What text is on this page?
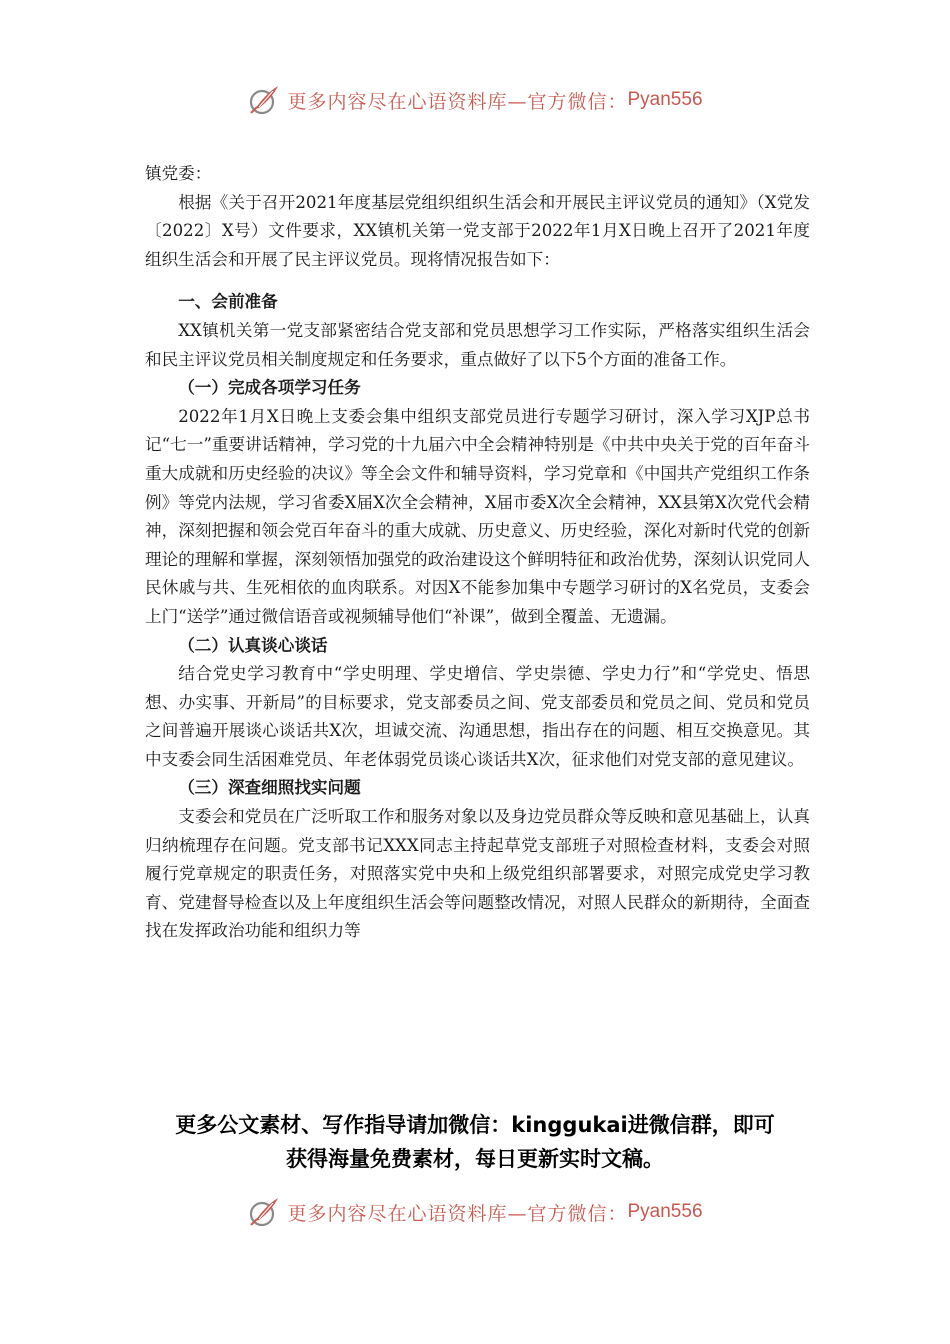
更多内容尽在心语资料库—官方微信： Pyan556

镇党委：

根据《关于召开2021年度基层党组织组织生活会和开展民主评议党员的通知》（X党发〔2022〕X号）文件要求，XX镇机关第一党支部于2022年1月X日晚上召开了2021年度组织生活会和开展了民主评议党员。现将情况报告如下：

一、会前准备

XX镇机关第一党支部紧密结合党支部和党员思想学习工作实际，严格落实组织生活会和民主评议党员相关制度规定和任务要求，重点做好了以下5个方面的准备工作。

（一）完成各项学习任务

2022年1月X日晚上支委会集中组织支部党员进行专题学习研讨，深入学习XJP总书记“七一”重要讲话精神，学习党的十九届六中全会精神特别是《中共中央关于党的百年奋斗重大成就和历史经验的决议》等全会文件和辅导资料，学习党章和《中国共产党组织工作条例》等党内法规，学习省委X届X次全会精神，X届市委X次全会精神，XX县第X次党代会精神，深刻把握和领会党百年奋斗的重大成就、历史意义、历史经验，深化对新时代党的创新理论的理解和掌握，深刻领悟加强党的政治建设这个鲜明特征和政治优势，深刻认识党同人民休戚与共、生死相依的血肉联系。对因X不能参加集中专题学习研讨的X名党员，支委会上门“送学”通过微信语音或视频辅导他们“补课”，做到全覆盖、无遗漏。

（二）认真谈心谈话

结合党史学习教育中“学史明理、学史增信、学史崇德、学史力行”和“学党史、悟思想、办实事、开新局”的目标要求，党支部委员之间、党支部委员和党员之间、党员和党员之间普遍开展谈心谈话共X次，坦诚交流、沟通思想，指出存在的问题、相互交换意见。其中支委会同生活困难党员、年老体弱党员谈心谈话共X次，征求他们对党支部的意见建议。

（三）深查细照找实问题

支委会和党员在广泛听取工作和服务对象以及身边党员群众等反映和意见基础上，认真归纳梳理存在问题。党支部书记XXX同志主持起草党支部班子对照检查材料，支委会对照履行党章规定的职责任务，对照落实党中央和上级党组织部署要求，对照完成党史学习教育、党建督导检查以及上年度组织生活会等问题整改情况，对照人民群众的新期待，全面查找在发挥政治功能和组织力等

更多公文素材、写作指导请加微信：kinggukai进微信群，即可
获得海量免费素材，每日更新实时文稿。
更多内容尽在心语资料库—官方微信： Pyan556
